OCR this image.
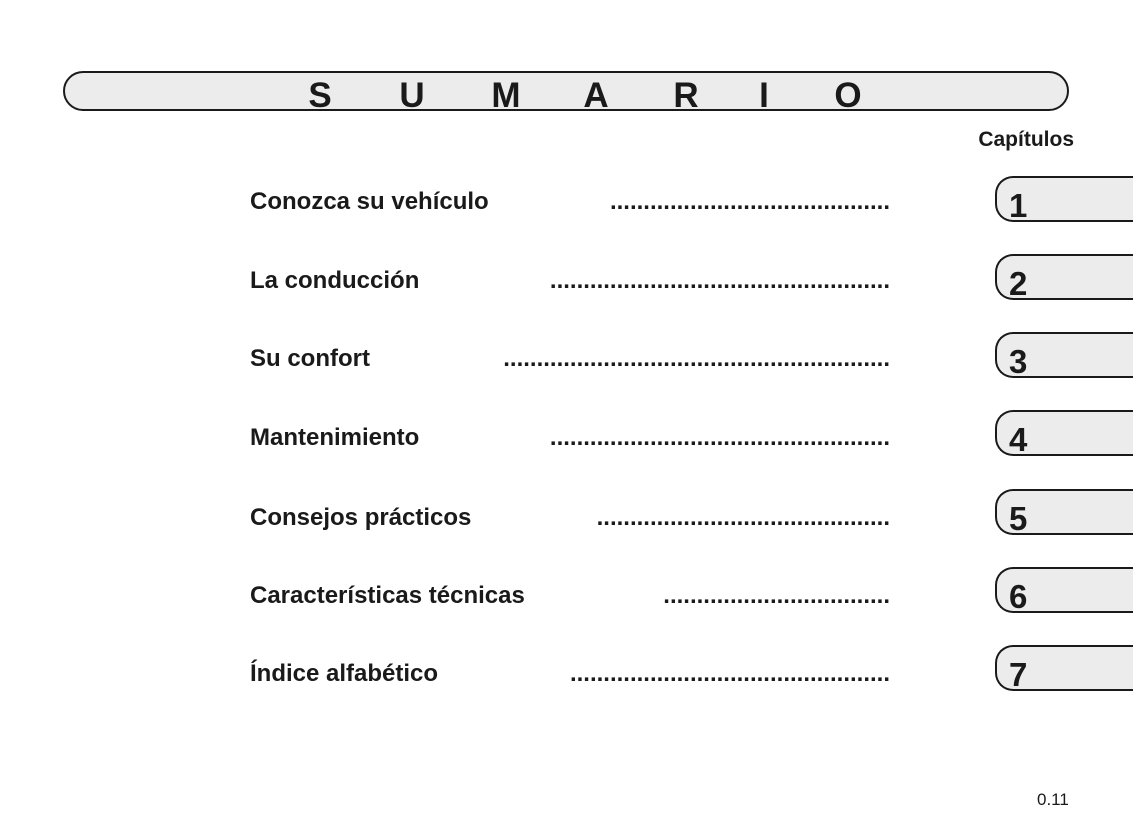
S U M A R	I	O
Capítulos
Conozca su vehículo	..........................................	1
La conducción	...................................................	2
Su confort	..........................................................	3
Mantenimiento	...................................................	4
Consejos prácticos	............................................	5
Características técnicas	..................................	6
Índice alfabético	................................................	7
0.11
